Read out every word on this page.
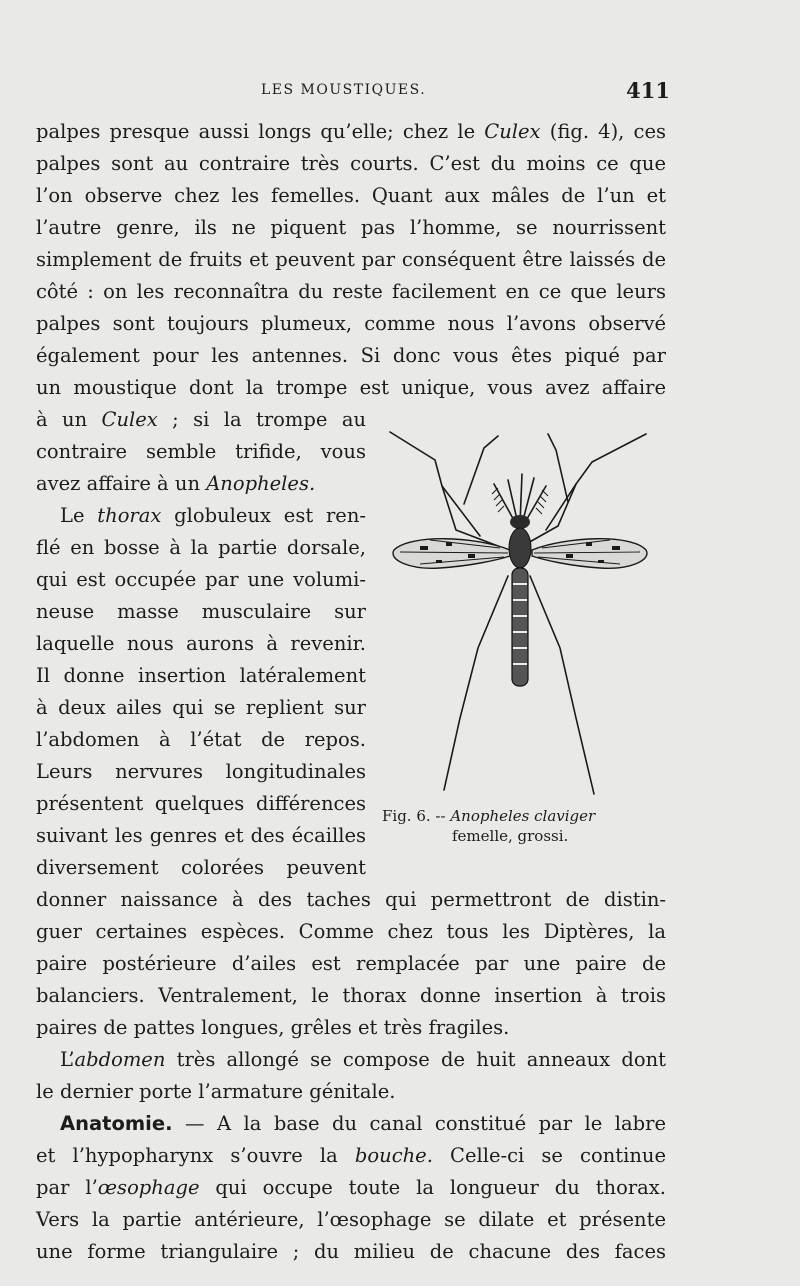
LES MOUSTIQUES.	411
palpes presque aussi longs qu’elle; chez le Culex (fig. 4), ces
palpes sont au contraire très courts. C’est du moins ce que
l’on observe chez les femelles. Quant aux mâles de l’un et
l’autre genre, ils ne piquent pas l’homme, se nourrissent
simplement de fruits et peuvent par conséquent être laissés de
côté : on les reconnaîtra du reste facilement en ce que leurs
palpes sont toujours plumeux, comme nous l’avons observé
également pour les antennes. Si donc vous êtes piqué par
un moustique dont la trompe est unique, vous avez affaire
à un Culex ; si la trompe au
contraire semble trifide, vous
avez affaire à un Anopheles.
Le thorax globuleux est ren-
flé en bosse à la partie dorsale,
qui est occupée par une volumi-
neuse masse musculaire sur
laquelle nous aurons à revenir.
Il donne insertion latéralement
à deux ailes qui se replient sur
l’abdomen à l’état de repos.
Leurs nervures longitudinales
présentent quelques différences
suivant les genres et des écailles
diversement colorées peuvent
donner naissance à des taches qui permettront de distin-
guer certaines espèces. Comme chez tous les Diptères, la
paire postérieure d’ailes est remplacée par une paire de
balanciers. Ventralement, le thorax donne insertion à trois
paires de pattes longues, grêles et très fragiles.
L’abdomen très allongé se compose de huit anneaux dont
le dernier porte l’armature génitale.
Anatomie. — A la base du canal constitué par le labre
et l’hypopharynx s’ouvre la bouche. Celle-ci se continue
par l’œsophage qui occupe toute la longueur du thorax.
Vers la partie antérieure, l’œsophage se dilate et présente
une forme triangulaire ; du milieu de chacune des faces
Fig. 6. -- Anopheles claviger
femelle, grossi.
